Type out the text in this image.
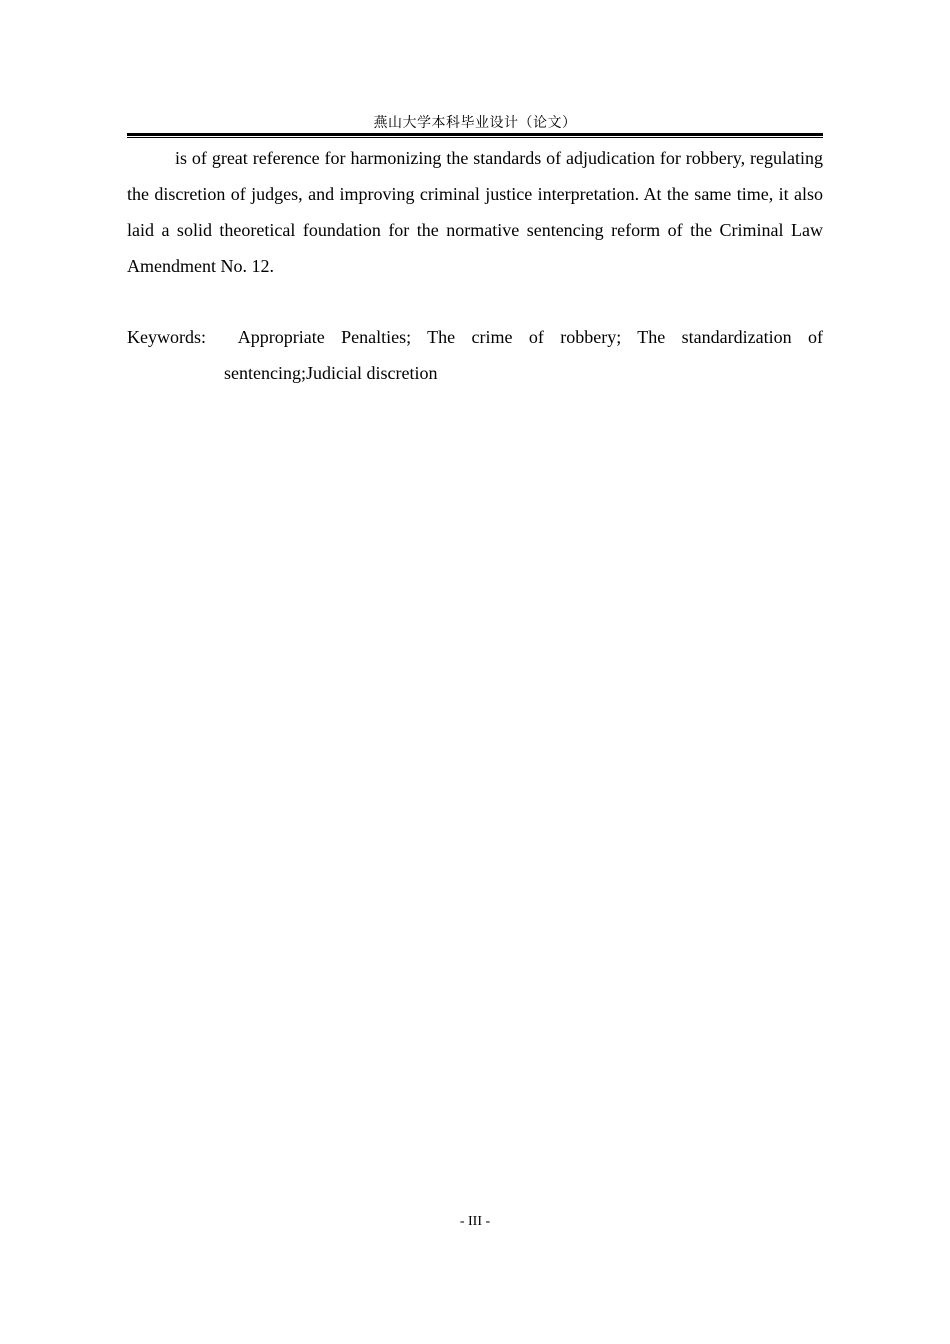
燕山大学本科毕业设计（论文）

is of great reference for harmonizing the standards of adjudication for robbery, regulating the discretion of judges, and improving criminal justice interpretation. At the same time, it also laid a solid theoretical foundation for the normative sentencing reform of the Criminal Law Amendment No. 12.

Keywords: Appropriate Penalties; The crime of robbery; The standardization of sentencing;Judicial discretion

- III -
